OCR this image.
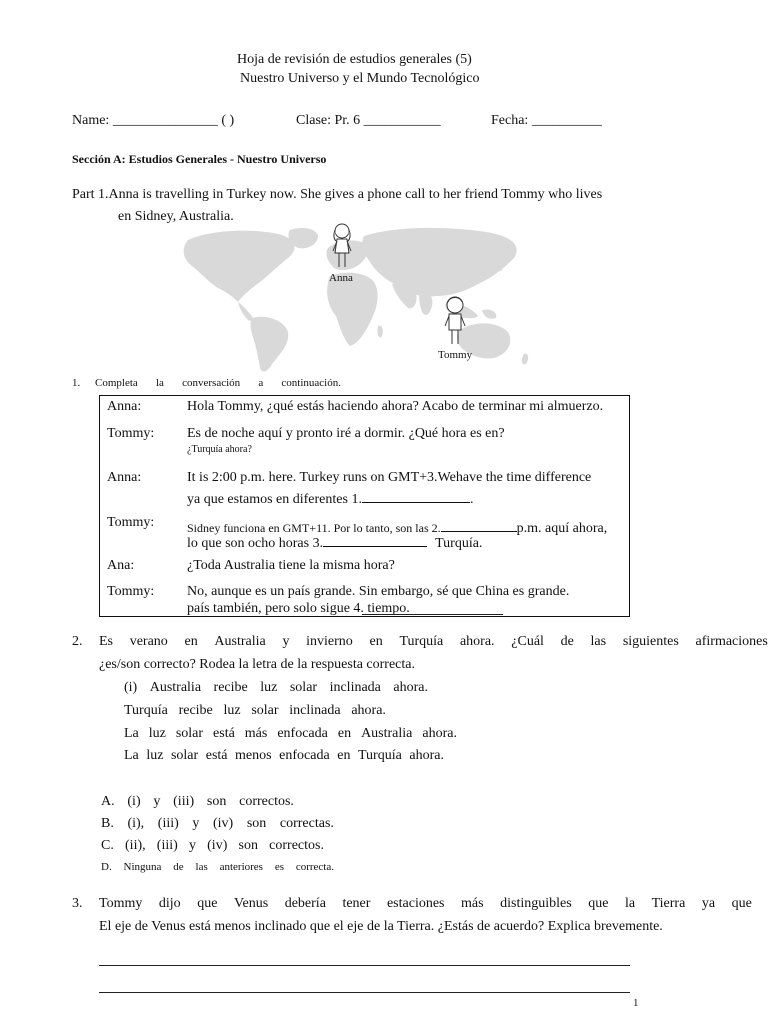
Hoja de revisión de estudios generales (5)
Nuestro Universo y el Mundo Tecnológico
Name: _______________ ( )	Clase: Pr. 6 ___________	Fecha: __________
Sección A: Estudios Generales - Nuestro Universo
Part 1.Anna is travelling in Turkey now. She gives a phone call to her friend Tommy who lives
en Sidney, Australia.
Anna
Tommy
1. Completa la conversación a continuación.
Anna:	Hola Tommy, ¿qué estás haciendo ahora? Acabo de terminar mi almuerzo.
Tommy: Es de noche aquí y pronto iré a dormir. ¿Qué hora es en?
¿Turquía ahora?
Anna:	It is 2:00 p.m. here. Turkey runs on GMT+3.Wehave the time difference
ya que estamos en diferentes 1.	.
Tommy:	Sidney funciona en GMT+11. Por lo tanto, son las 2.	p.m. aquí ahora,
lo que son ocho horas 3.	Turquía.
Ana:	¿Toda Australia tiene la misma hora?
Tommy: No, aunque es un país grande. Sin embargo, sé que China es grande.
país también, pero solo sigue 4. tiempo.
2. Es verano en Australia y invierno en Turquía ahora. ¿Cuál de las siguientes afirmaciones
¿es/son correcto? Rodea la letra de la respuesta correcta.
(i) Australia recibe luz solar inclinada ahora.
Turquía recibe luz solar inclinada ahora.
La luz solar está más enfocada en Australia ahora.
La luz solar está menos enfocada en Turquía ahora.
A. (i) y (iii) son correctos.
B. (i), (iii) y (iv) son correctas.
C. (ii), (iii) y (iv) son correctos.
D. Ninguna de las anteriores es correcta.
3. Tommy dijo que Venus debería tener estaciones más distinguibles que la Tierra ya que
El eje de Venus está menos inclinado que el eje de la Tierra. ¿Estás de acuerdo? Explica brevemente.
1
